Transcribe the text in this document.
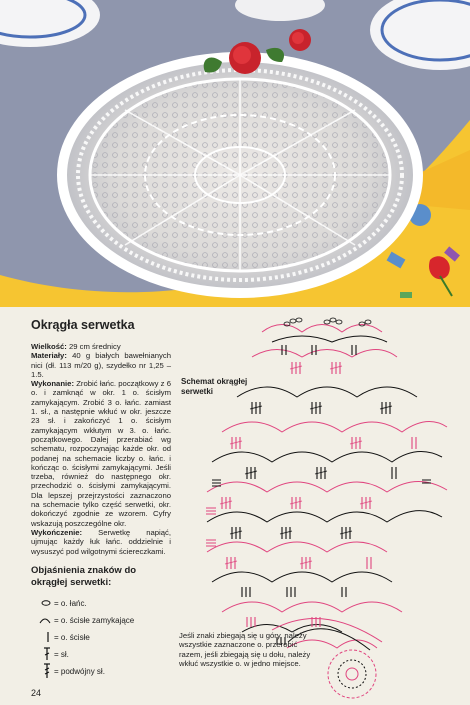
Okrągła serwetka

Wielkość: 29 cm średnicy

Materiały: 40 g białych bawełnianych nici (dł. 113 m/20 g), szydełko nr 1,25 – 1.5.

Wykonanie: Zrobić łańc. początkowy z 6 o. i zamknąć w okr. 1 o. ścisłym zamykającym. Zrobić 3 o. łańc. zamiast 1. sł., a następnie wkłuć w okr. jeszcze 23 sł. i zakończyć 1 o. ścisłym zamykającym wkłutym w 3. o. łańc. początkowego. Dalej przerabiać wg schematu, rozpoczynając każde okr. od podanej na schemacie liczby o. łańc. i kończąc o. ścisłymi zamykającymi. Jeśli trzeba, również do następnego okr. przechodzić o. ścisłymi zamykającymi. Dla lepszej przejrzystości zaznaczono na schemacie tylko część serwetki, okr. dokończyć zgodnie ze wzorem. Cyfry wskazują poszczególne okr.

Wykończenie: Serwetkę napiąć, ujmując każdy łuk łańc. oddzielnie i wysuszyć pod wilgotnymi ściereczkami.

Objaśnienia znaków do okrągłej serwetki:
= o. łańc.
= o. ścisłe zamykające
= o. ścisłe
= sł.
= podwójny sł.
24
Schemat okrągłej serwetki
Jeśli znaki zbiegają się u góry, należy wszystkie zaznaczone o. przerobić razem, jeśli zbiegają się u dołu, należy wkłuć wszystkie o. w jedno miejsce.
